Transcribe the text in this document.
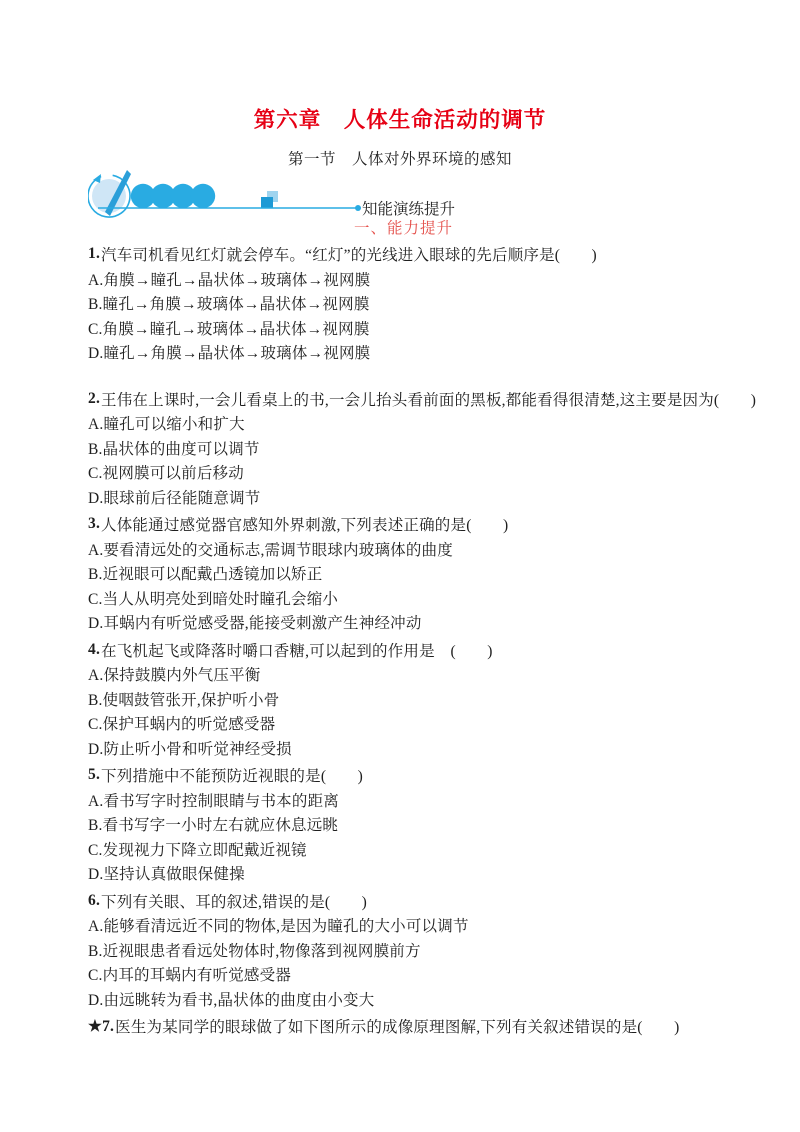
第六章　人体生命活动的调节
第一节　人体对外界环境的感知
知能演练提升
一、能力提升
1. 汽车司机看见红灯就会停车。“红灯”的光线进入眼球的先后顺序是(　　)
A.角膜→瞳孔→晶状体→玻璃体→视网膜
B.瞳孔→角膜→玻璃体→晶状体→视网膜
C.角膜→瞳孔→玻璃体→晶状体→视网膜
D.瞳孔→角膜→晶状体→玻璃体→视网膜
2. 王伟在上课时,一会儿看桌上的书,一会儿抬头看前面的黑板,都能看得很清楚,这主要是因为(　　)
A.瞳孔可以缩小和扩大
B.晶状体的曲度可以调节
C.视网膜可以前后移动
D.眼球前后径能随意调节
3. 人体能通过感觉器官感知外界刺激,下列表述正确的是(　　)
A.要看清远处的交通标志,需调节眼球内玻璃体的曲度
B.近视眼可以配戴凸透镜加以矫正
C.当人从明亮处到暗处时瞳孔会缩小
D.耳蜗内有听觉感受器,能接受刺激产生神经冲动
4. 在飞机起飞或降落时嚼口香糖,可以起到的作用是　(　　)
A.保持鼓膜内外气压平衡
B.使咽鼓管张开,保护听小骨
C.保护耳蜗内的听觉感受器
D.防止听小骨和听觉神经受损
5. 下列措施中不能预防近视眼的是(　　)
A.看书写字时控制眼睛与书本的距离
B.看书写字一小时左右就应休息远眺
C.发现视力下降立即配戴近视镜
D.坚持认真做眼保健操
6. 下列有关眼、耳的叙述,错误的是(　　)
A.能够看清远近不同的物体,是因为瞳孔的大小可以调节
B.近视眼患者看远处物体时,物像落到视网膜前方
C.内耳的耳蜗内有听觉感受器
D.由远眺转为看书,晶状体的曲度由小变大
★7. 医生为某同学的眼球做了如下图所示的成像原理图解,下列有关叙述错误的是(　　)
